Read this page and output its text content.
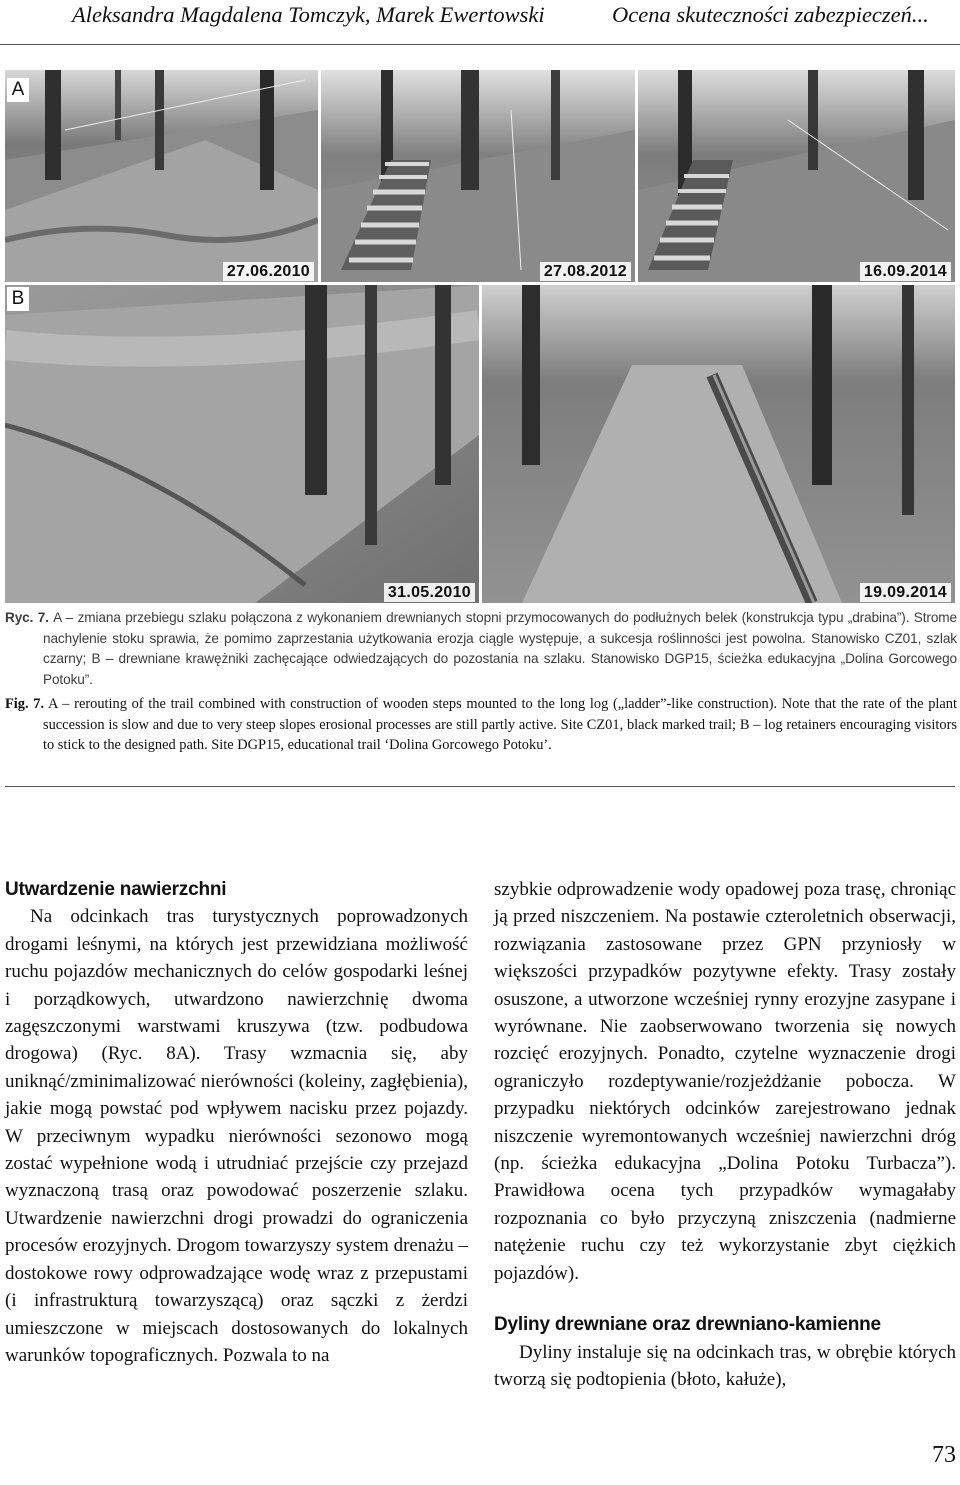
Aleksandra Magdalena Tomczyk, Marek Ewertowski	Ocena skuteczności zabezpieczeń...
A
27.06.2010	27.08.2012	16.09.2014
B
31.05.2010	19.09.2014

Ryc. 7. A – zmiana przebiegu szlaku połączona z wykonaniem drewnianych stopni przymocowanych do podłużnych belek (konstrukcja typu „drabina”). Strome nachylenie stoku sprawia, że pomimo zaprzestania użytkowania erozja ciągle występuje, a sukcesja roślinności jest powolna. Stanowisko CZ01, szlak czarny; B – drewniane krawężniki zachęcające odwiedzających do pozostania na szlaku. Stanowisko DGP15, ścieżka edukacyjna „Dolina Gorcowego Potoku”.

Fig. 7. A – rerouting of the trail combined with construction of wooden steps mounted to the long log („ladder”-like construction). Note that the rate of the plant succession is slow and due to very steep slopes erosional processes are still partly active. Site CZ01, black marked trail; B – log retainers encouraging visitors to stick to the designed path. Site DGP15, educational trail ‘Dolina Gorcowego Potoku’.

Utwardzenie nawierzchni

Na odcinkach tras turystycznych poprowadzonych drogami leśnymi, na których jest przewidziana możliwość ruchu pojazdów mechanicznych do celów gospodarki leśnej i porządkowych, utwardzono nawierzchnię dwoma zagęszczonymi warstwami kruszywa (tzw. podbudowa drogowa) (Ryc. 8A). Trasy wzmacnia się, aby uniknąć/zminimalizować nierówności (koleiny, zagłębienia), jakie mogą powstać pod wpływem nacisku przez pojazdy. W przeciwnym wypadku nierówności sezonowo mogą zostać wypełnione wodą i utrudniać przejście czy przejazd wyznaczoną trasą oraz powodować poszerzenie szlaku. Utwardzenie nawierzchni drogi prowadzi do ograniczenia procesów erozyjnych. Drogom towarzyszy system drenażu – dostokowe rowy odprowadzające wodę wraz z przepustami (i infrastrukturą towarzyszącą) oraz sączki z żerdzi umieszczone w miejscach dostosowanych do lokalnych warunków topograficznych. Pozwala to na

szybkie odprowadzenie wody opadowej poza trasę, chroniąc ją przed niszczeniem. Na postawie czteroletnich obserwacji, rozwiązania zastosowane przez GPN przyniosły w większości przypadków pozytywne efekty. Trasy zostały osuszone, a utworzone wcześniej rynny erozyjne zasypane i wyrównane. Nie zaobserwowano tworzenia się nowych rozcięć erozyjnych. Ponadto, czytelne wyznaczenie drogi ograniczyło rozdeptywanie/rozjeżdżanie pobocza. W przypadku niektórych odcinków zarejestrowano jednak niszczenie wyremontowanych wcześniej nawierzchni dróg (np. ścieżka edukacyjna „Dolina Potoku Turbacza”). Prawidłowa ocena tych przypadków wymagałaby rozpoznania co było przyczyną zniszczenia (nadmierne natężenie ruchu czy też wykorzystanie zbyt ciężkich pojazdów).

Dyliny drewniane oraz drewniano-kamienne

Dyliny instaluje się na odcinkach tras, w obrębie których tworzą się podtopienia (błoto, kałuże),

73
